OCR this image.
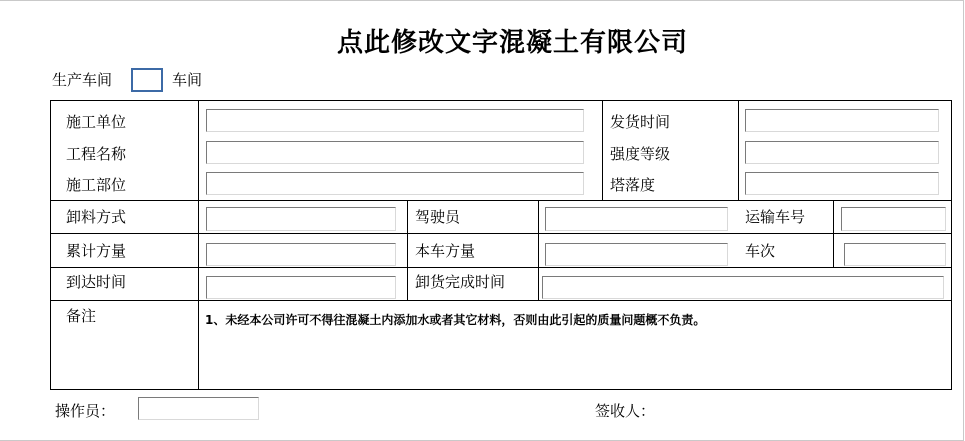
点此修改文字混凝土有限公司
生产车间	车间
施工单位	发货时间
工程名称	强度等级
施工部位	塔落度
卸料方式	驾驶员	运输车号
累计方量	本车方量	车次
到达时间	卸货完成时间
备注	1、未经本公司许可不得往混凝土内添加水或者其它材料，否则由此引起的质量问题概不负责。
操作员：	签收人：
